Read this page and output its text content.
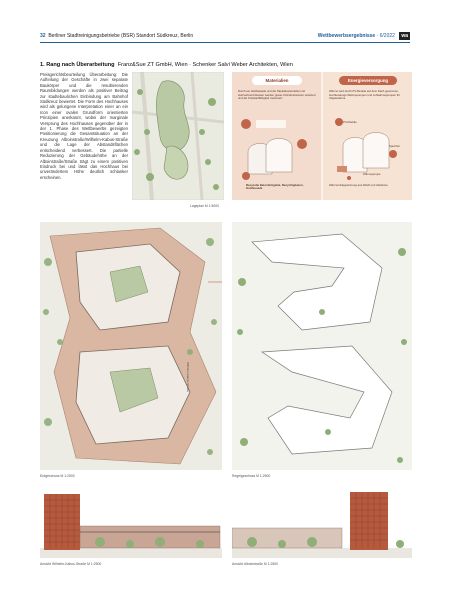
32 Berliner Stadtreinigungsbetriebe (BSR) Standort Südkreuz, Berlin	Wettbewerbsergebnisse · 6/2022 wa
1. Rang nach Überarbeitung Franz&Sue ZT GmbH, Wien · Schenker Salvi Weber Architekten, Wien
Preisgerichtsbeurteilung Überarbeitung: Die Aufteilung der Geschäfte in zwei separate Baukörper und die resultierenden Raumbildungen werden als positiver Beitrag zur stadtebaulichen Einbindung am Bahnhof Südkreuz bewertet. Die Form des Hochhauses wird als gelungene Interpretation einer an ein Icon einer ovalen Grundform orientierten Prinzipien anerkannt, wobei der marginale Versprung des Hochhauses gegenüber der in der 1. Phase des Wettbewerbs gezeigten Positionierung die Gesamtsituation an der Kreuzung Alboinstraße/Wilhelm-Kabus-Straße und die Lage der Abstandsflächen entscheidend verbessert. Die partielle Reduzierung der Gebäudehöhe an der Alboinstraße/Straße trägt zu einem positiven Eindruck bei und lässt das Hochhaus bei unverändertem Höhe deutlich schlanker erscheinen.
Lageplan M 1:5000
Materialien
Durch ein Holzfassade und die Skelettkonstruktion mit Holzverbund-Decken werden graue CO2-Emissionen reduziert und die Kreislauffähigkeit maximiert.
Recycelte Betonfertigteile, Recyclingbeton, Holzfassade
Energieversorgung
Wärme wird durch PV-Module auf dem Dach gewonnen, Hochleistungs-Wärmepumpen und Luftwärmepumpen für Abgaswärme.
PV-Module
Speicher
Wärmepumpe
Wärmerückgewinnung aus Abluft und Abwärme
Wilhelm-Kabus-Straße
Erdgeschoss M 1:2500	Regelgeschoss M 1:2500
Ansicht Wilhelm-Kabus-Straße M 1:2500	Ansicht Alboinstraße M 1:2500
